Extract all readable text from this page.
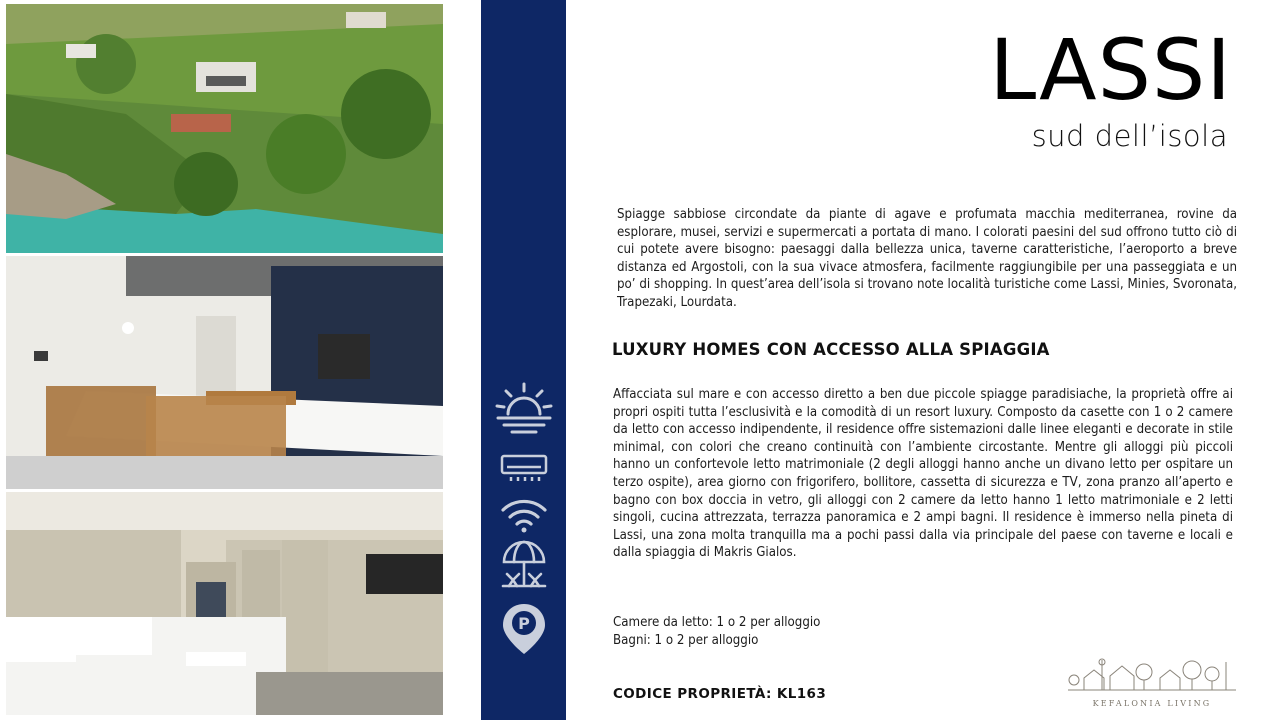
P
LASSI
sud dell’isola
Spiagge sabbiose circondate da piante di agave e profumata macchia mediterranea, rovine da esplorare, musei, servizi e supermercati a portata di mano. I colorati paesini del sud offrono tutto ciò di cui potete avere bisogno: paesaggi dalla bellezza unica, taverne caratteristiche, l’aeroporto a breve distanza ed Argostoli, con la sua vivace atmosfera, facilmente raggiungibile per una passeggiata e un po’ di shopping. In quest’area dell’isola si trovano note località turistiche come Lassi, Minies, Svoronata, Trapezaki, Lourdata.
LUXURY HOMES CON ACCESSO ALLA SPIAGGIA
Affacciata sul mare e con accesso diretto a ben due piccole spiagge paradisiache, la proprietà offre ai propri ospiti tutta l’esclusività e la comodità di un resort luxury. Composto da casette con 1 o 2 camere da letto con accesso indipendente, il residence offre sistemazioni dalle linee eleganti e decorate in stile minimal, con colori che creano continuità con l’ambiente circostante. Mentre gli alloggi più piccoli hanno un confortevole letto matrimoniale (2 degli alloggi hanno anche un divano letto per ospitare un terzo ospite), area giorno con frigorifero, bollitore, cassetta di sicurezza e TV, zona pranzo all’aperto e bagno con box doccia in vetro, gli alloggi con 2 camere da letto hanno 1 letto matrimoniale e 2 letti singoli, cucina attrezzata, terrazza panoramica e 2 ampi bagni. Il residence è immerso nella pineta di Lassi, una zona molta tranquilla ma a pochi passi dalla via principale del paese con taverne e locali e dalla spiaggia di Makris Gialos.
Camere da letto: 1 o 2 per alloggio
Bagni: 1 o 2 per alloggio
CODICE PROPRIETÀ: KL163
KEFALONIA LIVING
